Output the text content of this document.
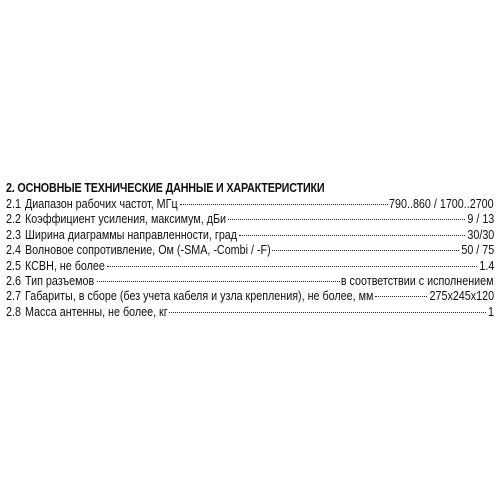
2. ОСНОВНЫЕ ТЕХНИЧЕСКИЕ ДАННЫЕ И ХАРАКТЕРИСТИКИ
2.1
Диапазон рабочих частот, МГц	790..860 / 1700..2700
2.2
Коэффициент усиления, максимум, дБи	9 / 13
2.3
Ширина диаграммы направленности, град	30/30
2.4
Волновое сопротивление, Ом (-SMA, -Combi / -F)	50 / 75
2.5
КСВН, не более	1.4
2.6
Тип разъемов	в соответствии с исполнением
2.7
Габариты, в сборе (без учета кабеля и узла крепления), не более, мм	275x245x120
2.8
Масса антенны, не более, кг	1
